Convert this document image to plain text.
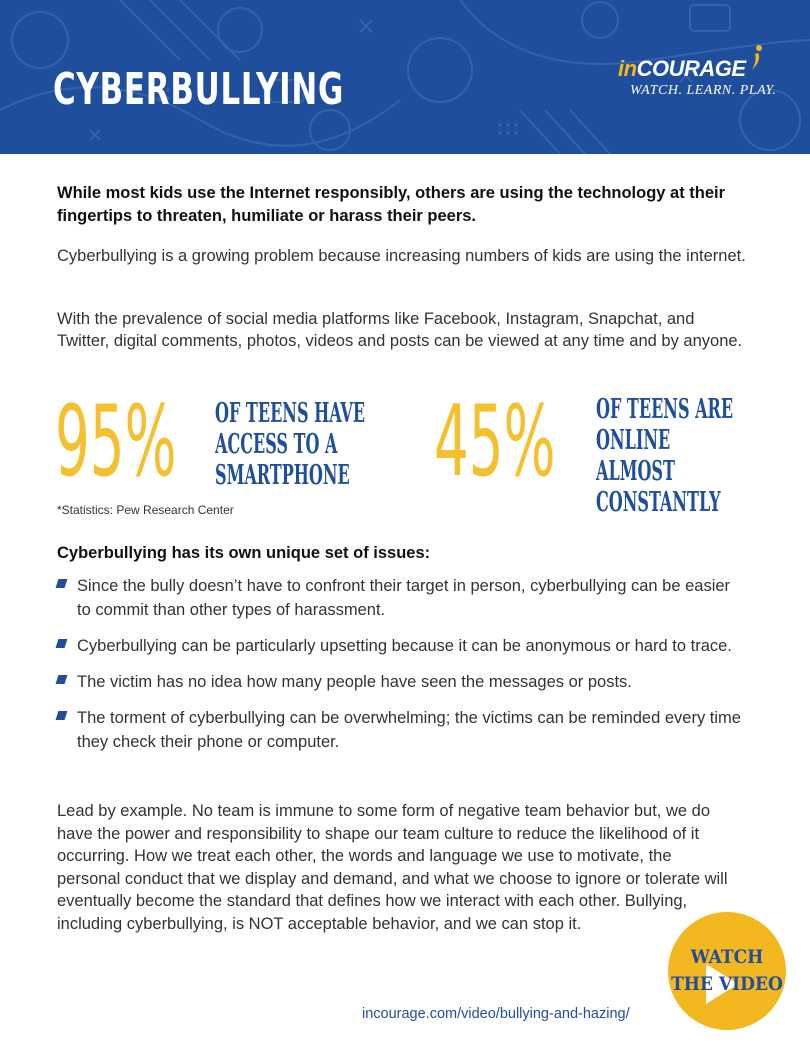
CYBERBULLYING	inCOURAGE
WATCH. LEARN. PLAY.
While most kids use the Internet responsibly, others are using the technology at their fingertips to threaten, humiliate or harass their peers.
Cyberbullying is a growing problem because increasing numbers of kids are using the internet.
With the prevalence of social media platforms like Facebook, Instagram, Snapchat, and Twitter, digital comments, photos, videos and posts can be viewed at any time and by anyone.
95% OF TEENS HAVE
ACCESS TO A
SMARTPHONE 45% OF TEENS ARE
ONLINE ALMOST
CONSTANTLY
*Statistics: Pew Research Center
Cyberbullying has its own unique set of issues:
Since the bully doesn’t have to confront their target in person, cyberbullying can be easier to commit than other types of harassment.
Cyberbullying can be particularly upsetting because it can be anonymous or hard to trace.
The victim has no idea how many people have seen the messages or posts.
The torment of cyberbullying can be overwhelming; the victims can be reminded every time they check their phone or computer.
Lead by example. No team is immune to some form of negative team behavior but, we do have the power and responsibility to shape our team culture to reduce the likelihood of it occurring. How we treat each other, the words and language we use to motivate, the personal conduct that we display and demand, and what we choose to ignore or tolerate will eventually become the standard that defines how we interact with each other. Bullying, including cyberbullying, is NOT acceptable behavior, and we can stop it.
WATCH
THE VIDEO
incourage.com/video/bullying-and-hazing/
